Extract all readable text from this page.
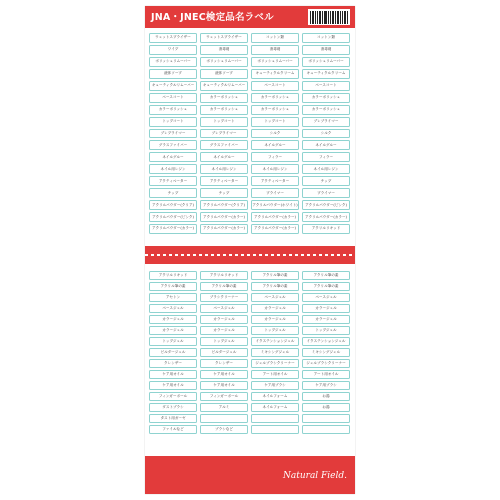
JNA・JNEC検定品名ラベル
ウェットスプライザー	ウェットスプライザー	コットン類	コットン類
ワイプ	消毒剤	消毒剤	消毒剤
ポリッシュリムーバー	ポリッシュリムーバー	ポリッシュリムーバー	ポリッシュリムーバー
液体ソープ	液体ソープ	キューティクルクリーム	キューティクルクリーム
キューティクルリムーバー	キューティクルリムーバー	ベースコート	ベースコート
ベースコート	カラーポリッシュ	カラーポリッシュ	カラーポリッシュ
カラーポリッシュ	カラーポリッシュ	カラーポリッシュ	カラーポリッシュ
トップコート	トップコート	トップコート	ブレブライマー
ブレプライマー	ブレプライマー	シルク	シルク
グラスファイバー	グラスファイバー	ネイルグルー	ネイルグルー
ネイルグルー	ネイルグルー	フィラー	フィラー
ネイル用レジン	ネイル用レジン	ネイル用レジン	ネイル用レジン
アクティベーター	アクティベーター	アクティベーター	チップ
チップ	チップ	プライマー	プライマー
アクリルパウダー(クリア)	アクリルパウダー(クリア)	アクリルパウダー(ホワイト)	アクリルパウダー(ピンク)
アクリルパウダー(ピンク)	アクリルパウダー(カラー)	アクリルパウダー(カラー)	アクリルパウダー(カラー)
アクリルパウダー(カラー)	アクリルパウダー(カラー)	アクリルパウダー(カラー)	アクリルリキッド
アクリルリキッド	アクリルリキッド	アクリル筆の素	アクリル筆の素
アクリル筆の素	アクリル筆の素	アクリル筆の素	アクリル筆の素
アセトン	ブラシクリーナー	ベースジェル	ベースジェル
ベースジェル	ベースジェル	カラージェル	カラージェル
カラージェル	カラージェル	カラージェル	カラージェル
カラージェル	カラージェル	トップジェル	トップジェル
トップジェル	トップジェル	イクステンションジェル	イクステンションジェル
ビルダージェル	ビルダージェル	ミキシングジェル	ミキシングジェル
クレンザー	クレンザー	ジェルブラシクリーナー	ジェルブラシクリーナー
ケア用オイル	ケア用オイル	アート用オイル	アート用オイル
ケア用オイル	ケア用オイル	ケア用ブラシ	ケア用ブラシ
フィンガーボール	フィンガーボール	ネイルフォーム	お湯
ダストブラシ	アルミ	ネイルフォーム	お湯
タスト用ガーゼ
ファイルなど	ブラシなど
Natural Field.
